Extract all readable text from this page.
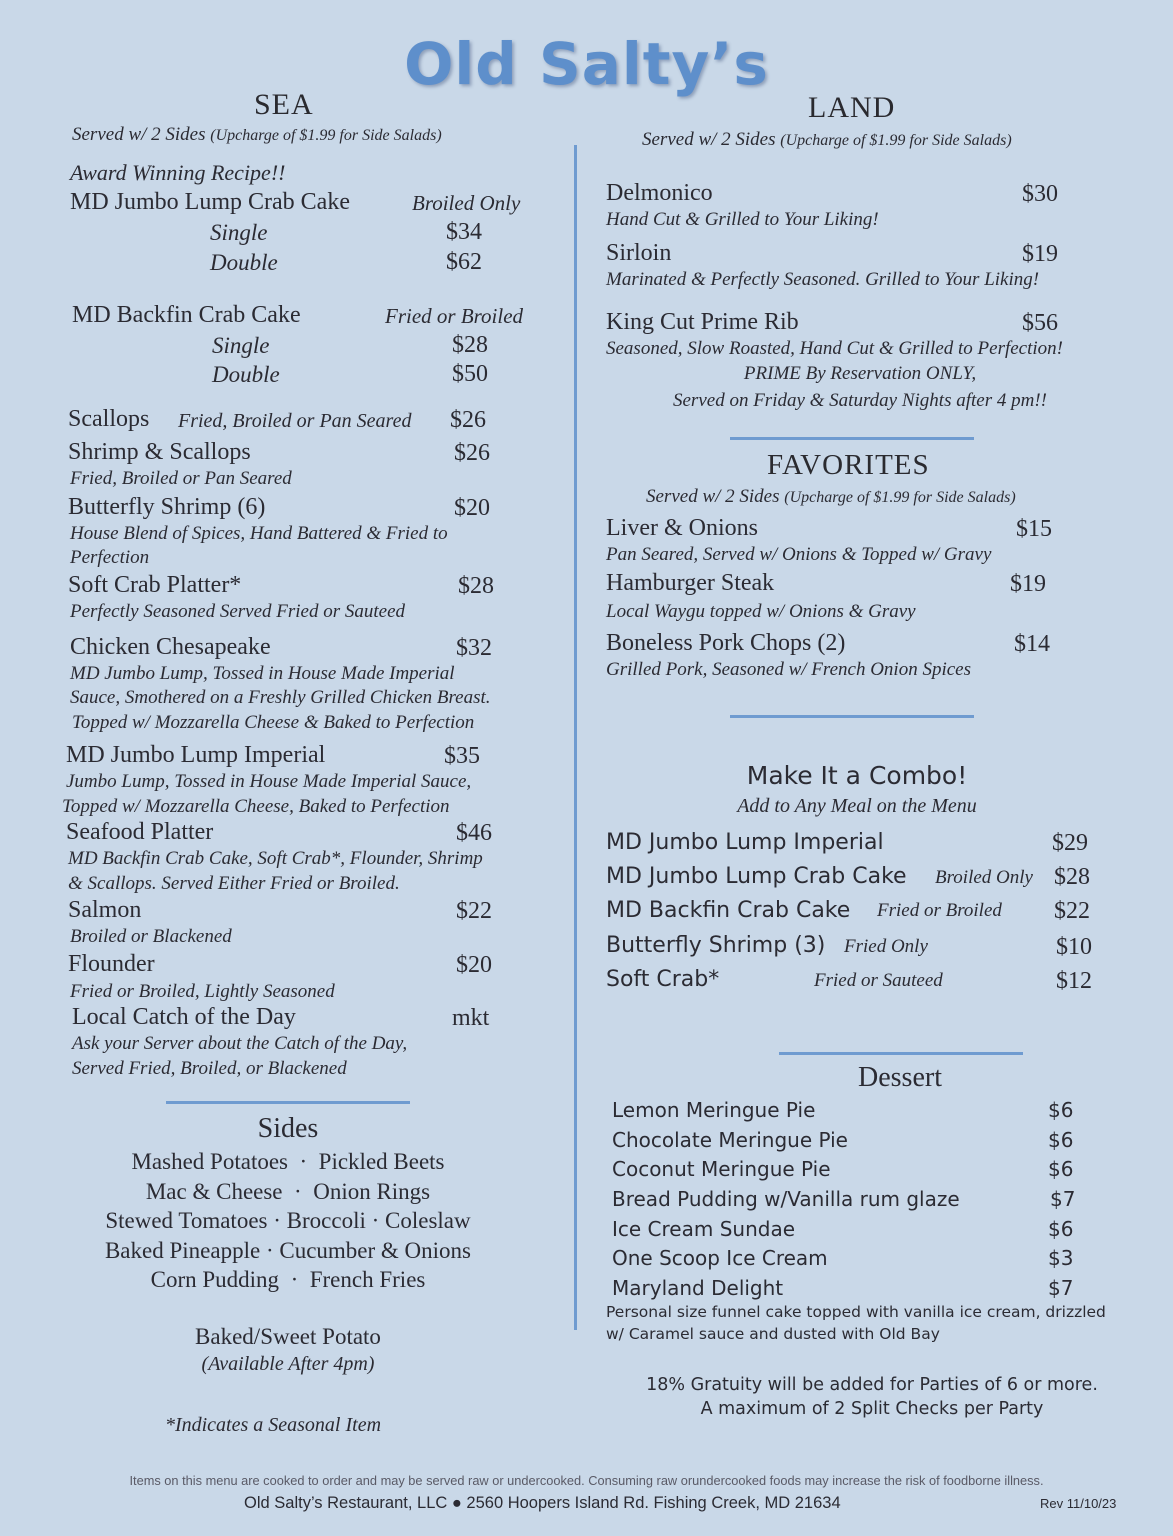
Old Salty’s
SEA
Served w/ 2 Sides (Upcharge of $1.99 for Side Salads)
Award Winning Recipe!!
MD Jumbo Lump Crab Cake	Broiled Only
Single	$34
Double	$62
MD Backfin Crab Cake	Fried or Broiled
Single	$28
Double	$50
Scallops Fried, Broiled or Pan Seared $26
Shrimp & Scallops	$26
Fried, Broiled or Pan Seared
Butterfly Shrimp (6)	$20
House Blend of Spices, Hand Battered & Fried to
Perfection
Soft Crab Platter*	$28
Perfectly Seasoned Served Fried or Sauteed
Chicken Chesapeake	$32
MD Jumbo Lump, Tossed in House Made Imperial
Sauce, Smothered on a Freshly Grilled Chicken Breast.
Topped w/ Mozzarella Cheese & Baked to Perfection
MD Jumbo Lump Imperial	$35
Jumbo Lump, Tossed in House Made Imperial Sauce,
Topped w/ Mozzarella Cheese, Baked to Perfection
Seafood Platter	$46
MD Backfin Crab Cake, Soft Crab*, Flounder, Shrimp
& Scallops. Served Either Fried or Broiled.
Salmon	$22
Broiled or Blackened
Flounder	$20
Fried or Broiled, Lightly Seasoned
Local Catch of the Day	mkt
Ask your Server about the Catch of the Day,
Served Fried, Broiled, or Blackened
Sides
Mashed Potatoes  ·  Pickled Beets
Mac & Cheese  ·  Onion Rings
Stewed Tomatoes · Broccoli · Coleslaw
Baked Pineapple · Cucumber & Onions
Corn Pudding  ·  French Fries
Baked/Sweet Potato
(Available After 4pm)
*Indicates a Seasonal Item
LAND
Served w/ 2 Sides (Upcharge of $1.99 for Side Salads)
Delmonico	$30
Hand Cut & Grilled to Your Liking!
Sirloin	$19
Marinated & Perfectly Seasoned. Grilled to Your Liking!
King Cut Prime Rib	$56
Seasoned, Slow Roasted, Hand Cut & Grilled to Perfection!
PRIME By Reservation ONLY,
Served on Friday & Saturday Nights after 4 pm!!
FAVORITES
Served w/ 2 Sides (Upcharge of $1.99 for Side Salads)
Liver & Onions	$15
Pan Seared, Served w/ Onions & Topped w/ Gravy
Hamburger Steak	$19
Local Waygu topped w/ Onions & Gravy
Boneless Pork Chops (2)	$14
Grilled Pork, Seasoned w/ French Onion Spices
Make It a Combo!
Add to Any Meal on the Menu
MD Jumbo Lump Imperial	$29
MD Jumbo Lump Crab Cake Broiled Only $28
MD Backfin Crab Cake Fried or Broiled $22
Butterfly Shrimp (3) Fried Only	$10
Soft Crab*	Fried or Sauteed	$12
Dessert
Lemon Meringue Pie	$6
Chocolate Meringue Pie	$6
Coconut Meringue Pie	$6
Bread Pudding w/Vanilla rum glaze	$7
Ice Cream Sundae	$6
One Scoop Ice Cream	$3
Maryland Delight	$7
Personal size funnel cake topped with vanilla ice cream, drizzled
w/ Caramel sauce and dusted with Old Bay
18% Gratuity will be added for Parties of 6 or more.
A maximum of 2 Split Checks per Party
Items on this menu are cooked to order and may be served raw or undercooked. Consuming raw orundercooked foods may increase the risk of foodborne illness.
Old Salty’s Restaurant, LLC ● 2560 Hoopers Island Rd. Fishing Creek, MD 21634	Rev 11/10/23
